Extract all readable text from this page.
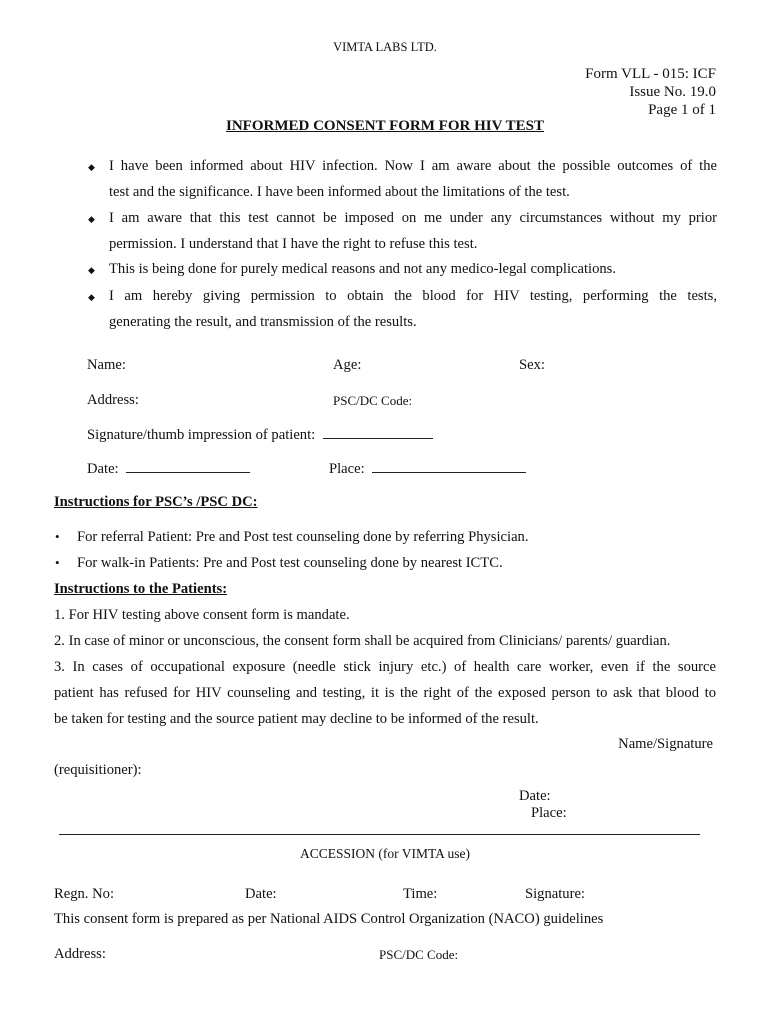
VIMTA LABS LTD.
Form VLL - 015: ICF
Issue No. 19.0
Page 1 of 1
INFORMED CONSENT FORM FOR HIV TEST
◆ I have been informed about HIV infection. Now I am aware about the possible outcomes of the
test and the significance. I have been informed about the limitations of the test.
◆ I am aware that this test cannot be imposed on me under any circumstances without my prior
permission. I understand that I have the right to refuse this test.
◆ This is being done for purely medical reasons and not any medico-legal complications.
◆ I am hereby giving permission to obtain the blood for HIV testing, performing the tests,
generating the result, and transmission of the results.
Name:	Age:	Sex:
Address:	PSC/DC Code:
Signature/thumb impression of patient:
Date:	Place:
Instructions for PSC’s /PSC DC:
• For referral Patient: Pre and Post test counseling done by referring Physician.
• For walk-in Patients: Pre and Post test counseling done by nearest ICTC.
Instructions to the Patients:
1. For HIV testing above consent form is mandate.
2. In case of minor or unconscious, the consent form shall be acquired from Clinicians/ parents/ guardian.
3. In cases of occupational exposure (needle stick injury etc.) of health care worker, even if the source
patient has refused for HIV counseling and testing, it is the right of the exposed person to ask that blood to
be taken for testing and the source patient may decline to be informed of the result.
Name/Signature
(requisitioner):
Date:
Place:
ACCESSION (for VIMTA use)
Regn. No:	Date:	Time:	Signature:
This consent form is prepared as per National AIDS Control Organization (NACO) guidelines
Address:	PSC/DC Code:
